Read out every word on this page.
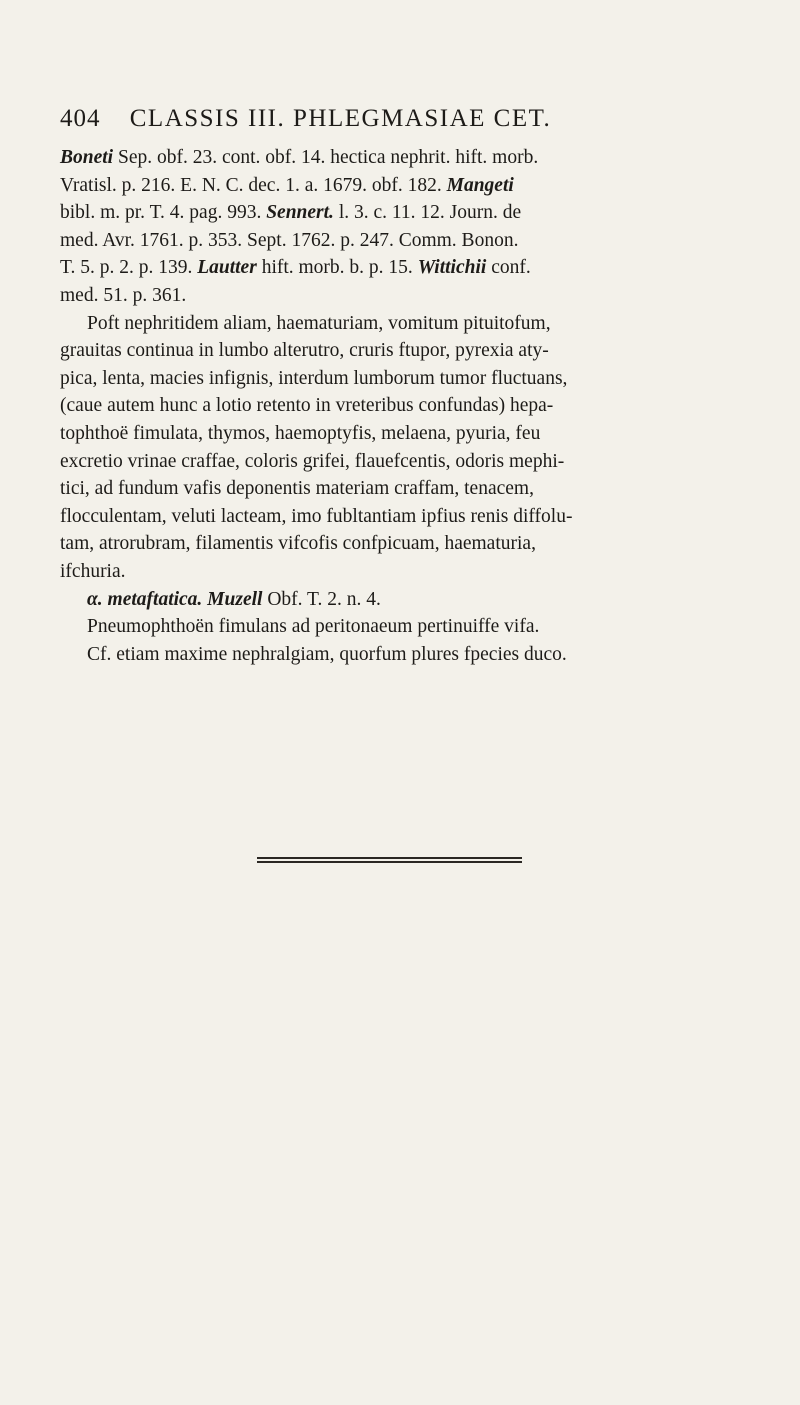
404 CLASSIS III. PHLEGMASIAE CET.
Boneti Sep. obf. 23. cont. obf. 14. hectica nephrit. hift. morb.
Vratisl. p. 216. E. N. C. dec. 1. a. 1679. obf. 182. Mangeti
bibl. m. pr. T. 4. pag. 993. Sennert. l. 3. c. 11. 12. Journ. de
med. Avr. 1761. p. 353. Sept. 1762. p. 247. Comm. Bonon.
T. 5. p. 2. p. 139. Lautter hift. morb. b. p. 15. Wittichii conf.
med. 51. p. 361.
Poft nephritidem aliam, haematuriam, vomitum pituitofum,
grauitas continua in lumbo alterutro, cruris ftupor, pyrexia aty-
pica, lenta, macies infignis, interdum lumborum tumor fluctuans,
(caue autem hunc a lotio retento in vreteribus confundas) hepa-
tophthoë fimulata, thymos, haemoptyfis, melaena, pyuria, feu
excretio vrinae craffae, coloris grifei, flauefcentis, odoris mephi-
tici, ad fundum vafis deponentis materiam craffam, tenacem,
flocculentam, veluti lacteam, imo fubltantiam ipfius renis diffolu-
tam, atrorubram, filamentis vifcofis confpicuam, haematuria,
ifchuria.
α. metaftatica. Muzell Obf. T. 2. n. 4.
Pneumophthoën fimulans ad peritonaeum pertinuiffe vifa.
Cf. etiam maxime nephralgiam, quorfum plures fpecies duco.
